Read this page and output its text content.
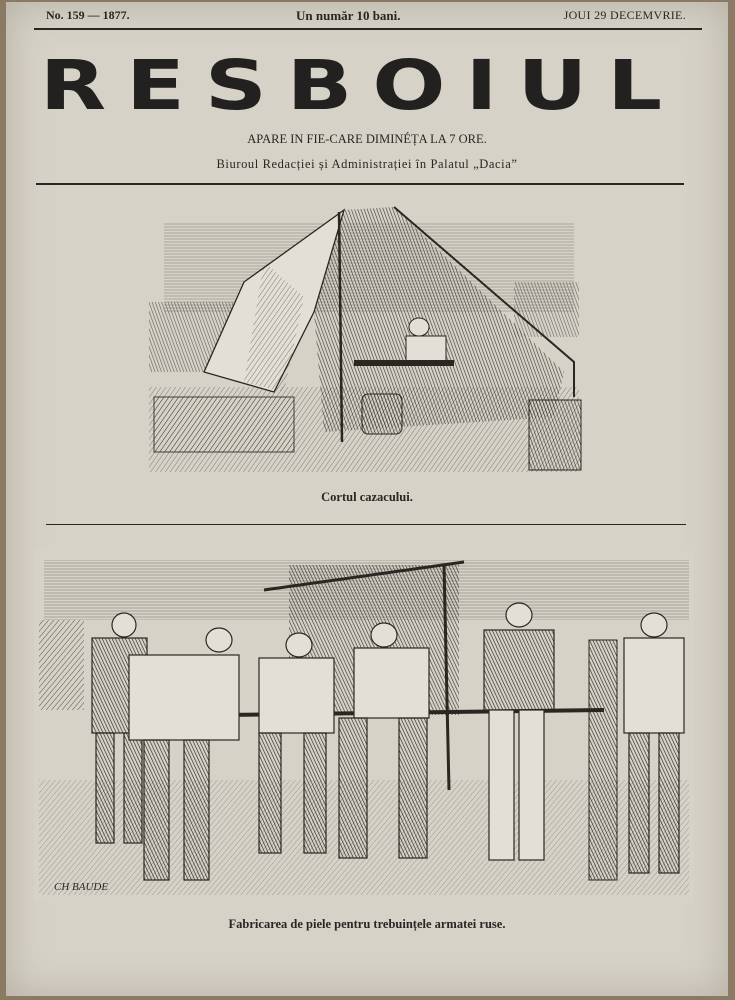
No. 159 — 1877.	Un număr 10 bani.	JOUI 29 DECEMVRIE.
RESBOIUL
APARE IN FIE-CARE DIMINÉȚA LA 7 ORE.
Biuroul Redacției și Administrației în Palatul „Dacia”
Cortul cazacului.
CH BAUDE
Fabricarea de piele pentru trebuințele armatei ruse.
